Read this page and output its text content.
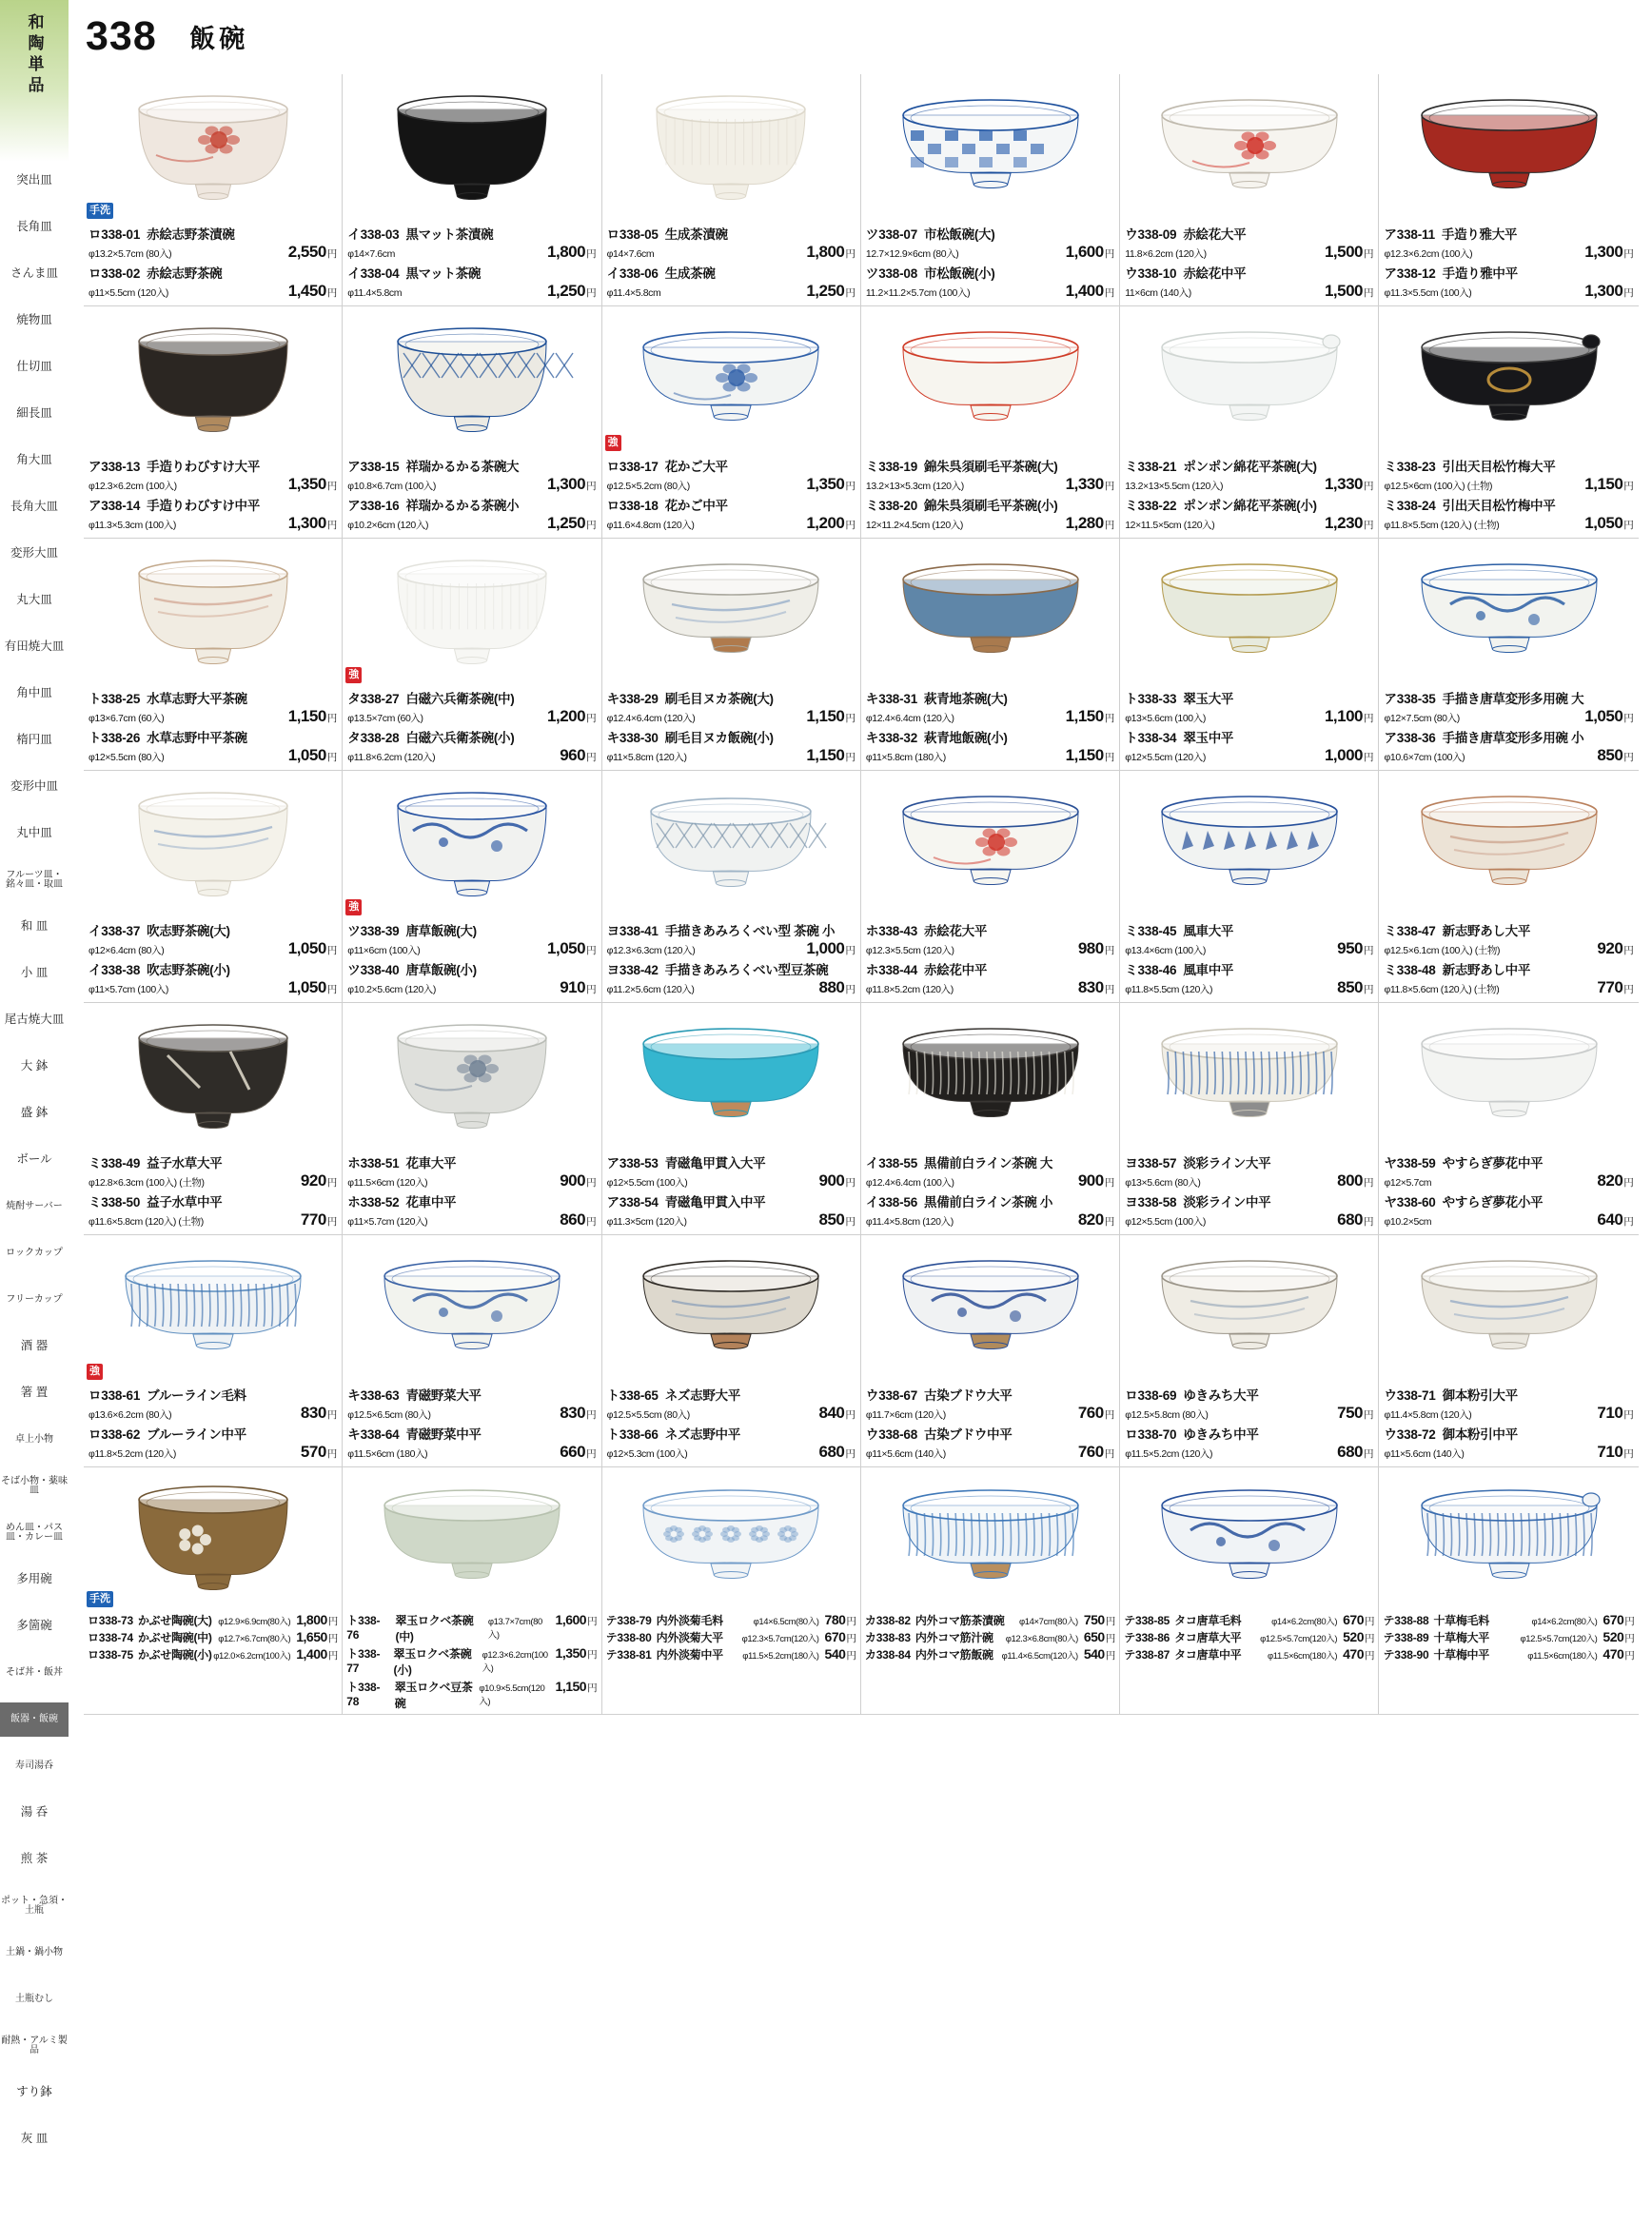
和陶単品
突出皿
長角皿
さんま皿
焼物皿
仕切皿
細長皿
角大皿
長角大皿
変形大皿
丸大皿
有田焼大皿
角中皿
楕円皿
変形中皿
丸中皿
フルーツ皿・銘々皿・取皿
和 皿
小 皿
尾古焼大皿
大 鉢
盛 鉢
ボール
焼酎サーバー
ロックカップ
フリーカップ
酒 器
箸 置
卓上小物
そば小物・薬味皿
めん皿・パス皿・カレー皿
多用碗
多箇碗
そば丼・飯丼
飯器・飯碗
寿司湯呑
湯 呑
煎 茶
ポット・急須・土瓶
土鍋・鍋小物
土瓶むし
耐熱・アルミ製品
すり鉢
灰 皿
338 飯碗
手洗
ロ338-01 赤絵志野茶漬碗
φ13.2×5.7cm (80入)	2,550 円
ロ338-02 赤絵志野茶碗
φ11×5.5cm (120入)	1,450 円
イ338-03 黒マット茶漬碗
φ14×7.6cm	1,800 円
イ338-04 黒マット茶碗
φ11.4×5.8cm	1,250 円
ロ338-05 生成茶漬碗
φ14×7.6cm	1,800 円
イ338-06 生成茶碗
φ11.4×5.8cm	1,250 円
ツ338-07 市松飯碗(大)
12.7×12.9×6cm (80入)	1,600 円
ツ338-08 市松飯碗(小)
11.2×11.2×5.7cm (100入)	1,400 円
ウ338-09 赤絵花大平
11.8×6.2cm (120入)	1,500 円
ウ338-10 赤絵花中平
11×6cm (140入)	1,500 円
ア338-11 手造り雅大平
φ12.3×6.2cm (100入)	1,300 円
ア338-12 手造り雅中平
φ11.3×5.5cm (100入)	1,300 円
ア338-13 手造りわびすけ大平
φ12.3×6.2cm (100入)	1,350 円
ア338-14 手造りわびすけ中平
φ11.3×5.3cm (100入)	1,300 円
ア338-15 祥瑞かるかる茶碗大
φ10.8×6.7cm (100入)	1,300 円
ア338-16 祥瑞かるかる茶碗小
φ10.2×6cm (120入)	1,250 円
強
ロ338-17 花かご大平
φ12.5×5.2cm (80入)	1,350 円
ロ338-18 花かご中平
φ11.6×4.8cm (120入)	1,200 円
ミ338-19 錦朱呉須刷毛平茶碗(大)
13.2×13×5.3cm (120入)	1,330 円
ミ338-20 錦朱呉須刷毛平茶碗(小)
12×11.2×4.5cm (120入)	1,280 円
ミ338-21 ポンポン綿花平茶碗(大)
13.2×13×5.5cm (120入)	1,330 円
ミ338-22 ポンポン綿花平茶碗(小)
12×11.5×5cm (120入)	1,230 円
ミ338-23 引出天目松竹梅大平
φ12.5×6cm (100入) (土物)	1,150 円
ミ338-24 引出天目松竹梅中平
φ11.8×5.5cm (120入) (土物)	1,050 円
ト338-25 水草志野大平茶碗
φ13×6.7cm (60入)	1,150 円
ト338-26 水草志野中平茶碗
φ12×5.5cm (80入)	1,050 円
強
タ338-27 白磁六兵衛茶碗(中)
φ13.5×7cm (60入)	1,200 円
タ338-28 白磁六兵衛茶碗(小)
φ11.8×6.2cm (120入)	960 円
キ338-29 刷毛目ヌカ茶碗(大)
φ12.4×6.4cm (120入)	1,150 円
キ338-30 刷毛目ヌカ飯碗(小)
φ11×5.8cm (120入)	1,150 円
キ338-31 萩青地茶碗(大)
φ12.4×6.4cm (120入)	1,150 円
キ338-32 萩青地飯碗(小)
φ11×5.8cm (180入)	1,150 円
ト338-33 翠玉大平
φ13×5.6cm (100入)	1,100 円
ト338-34 翠玉中平
φ12×5.5cm (120入)	1,000 円
ア338-35 手描き唐草変形多用碗 大
φ12×7.5cm (80入)	1,050 円
ア338-36 手描き唐草変形多用碗 小
φ10.6×7cm (100入)	850 円
イ338-37 吹志野茶碗(大)
φ12×6.4cm (80入)	1,050 円
イ338-38 吹志野茶碗(小)
φ11×5.7cm (100入)	1,050 円
強
ツ338-39 唐草飯碗(大)
φ11×6cm (100入)	1,050 円
ツ338-40 唐草飯碗(小)
φ10.2×5.6cm (120入)	910 円
ヨ338-41 手描きあみろくべい型 茶碗 小
φ12.3×6.3cm (120入)	1,000 円
ヨ338-42 手描きあみろくべい型豆茶碗
φ11.2×5.6cm (120入)	880 円
ホ338-43 赤絵花大平
φ12.3×5.5cm (120入)	980 円
ホ338-44 赤絵花中平
φ11.8×5.2cm (120入)	830 円
ミ338-45 風車大平
φ13.4×6cm (100入)	950 円
ミ338-46 風車中平
φ11.8×5.5cm (120入)	850 円
ミ338-47 新志野あし大平
φ12.5×6.1cm (100入) (土物)	920 円
ミ338-48 新志野あし中平
φ11.8×5.6cm (120入) (土物)	770 円
ミ338-49 益子水草大平
φ12.8×6.3cm (100入) (土物)	920 円
ミ338-50 益子水草中平
φ11.6×5.8cm (120入) (土物)	770 円
ホ338-51 花車大平
φ11.5×6cm (120入)	900 円
ホ338-52 花車中平
φ11×5.7cm (120入)	860 円
ア338-53 青磁亀甲貫入大平
φ12×5.5cm (100入)	900 円
ア338-54 青磁亀甲貫入中平
φ11.3×5cm (120入)	850 円
イ338-55 黒備前白ライン茶碗 大
φ12.4×6.4cm (100入)	900 円
イ338-56 黒備前白ライン茶碗 小
φ11.4×5.8cm (120入)	820 円
ヨ338-57 淡彩ライン大平
φ13×5.6cm (80入)	800 円
ヨ338-58 淡彩ライン中平
φ12×5.5cm (100入)	680 円
ヤ338-59 やすらぎ夢花中平
φ12×5.7cm	820 円
ヤ338-60 やすらぎ夢花小平
φ10.2×5cm	640 円
強
ロ338-61 ブルーライン毛料
φ13.6×6.2cm (80入)	830 円
ロ338-62 ブルーライン中平
φ11.8×5.2cm (120入)	570 円
キ338-63 青磁野菜大平
φ12.5×6.5cm (80入)	830 円
キ338-64 青磁野菜中平
φ11.5×6cm (180入)	660 円
ト338-65 ネズ志野大平
φ12.5×5.5cm (80入)	840 円
ト338-66 ネズ志野中平
φ12×5.3cm (100入)	680 円
ウ338-67 古染ブドウ大平
φ11.7×6cm (120入)	760 円
ウ338-68 古染ブドウ中平
φ11×5.6cm (140入)	760 円
ロ338-69 ゆきみち大平
φ12.5×5.8cm (80入)	750 円
ロ338-70 ゆきみち中平
φ11.5×5.2cm (120入)	680 円
ウ338-71 御本粉引大平
φ11.4×5.8cm (120入)	710 円
ウ338-72 御本粉引中平
φ11×5.6cm (140入)	710 円
手洗
ロ338-73 かぶせ陶碗(大) φ12.9×6.9cm(80入) 1,800 円
ロ338-74 かぶせ陶碗(中) φ12.7×6.7cm(80入) 1,650 円
ロ338-75 かぶせ陶碗(小) φ12.0×6.2cm(100入) 1,400 円
ト338-76
翠玉ロクベ茶碗(中)
φ13.7×7cm(80入)
1,600 円
ト338-77
翠玉ロクベ茶碗(小)
φ12.3×6.2cm(100入)
1,350 円
ト338-78
翠玉ロクベ豆茶碗
φ10.9×5.5cm(120入)
1,150 円
テ338-79 内外淡菊毛料	φ14×6.5cm(80入) 780 円
テ338-80 内外淡菊大平 φ12.3×5.7cm(120入) 670 円
テ338-81 内外淡菊中平 φ11.5×5.2cm(180入) 540 円
カ338-82 内外コマ筋茶漬碗 φ14×7cm(80入) 750 円
カ338-83 内外コマ筋汁碗 φ12.3×6.8cm(80入) 650 円
カ338-84 内外コマ筋飯碗 φ11.4×6.5cm(120入) 540 円
テ338-85 タコ唐草毛料	φ14×6.2cm(80入) 670 円
テ338-86 タコ唐草大平 φ12.5×5.7cm(120入) 520 円
テ338-87 タコ唐草中平	φ11.5×6cm(180入) 470 円
テ338-88 十草梅毛料	φ14×6.2cm(80入) 670 円
テ338-89 十草梅大平	φ12.5×5.7cm(120入) 520 円
テ338-90 十草梅中平	φ11.5×6cm(180入) 470 円
